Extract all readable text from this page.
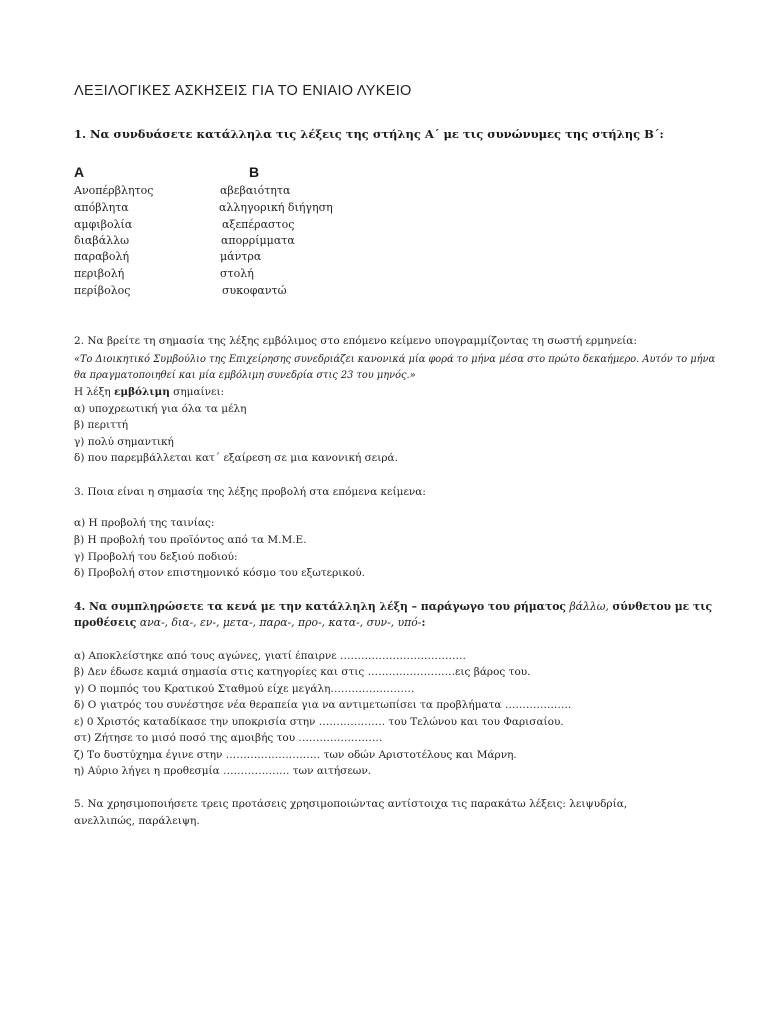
ΛΕΞΙΛΟΓΙΚΕΣ ΑΣΚΗΣΕΙΣ ΓΙΑ ΤΟ ΕΝΙΑΙΟ ΛΥΚΕΙΟ
1. Να συνδυάσετε κατάλληλα τις λέξεις της στήλης Α΄ με τις συνώνυμες της στήλης Β΄:
Α	Β
Ανοπέρβλητος
απόβλητα
αμφιβολία
διαβάλλω
παραβολή
περιβολή
περίβολος
αβεβαιότητα
αλληγορική διήγηση
αξεπέραστος
απορρίμματα
μάντρα
στολή
συκοφαντώ
2. Να βρείτε τη σημασία της λέξης εμβόλιμος στο επόμενο κείμενο υπογραμμίζοντας τη σωστή ερμηνεία:
«Το Διοικητικό Συμβούλιο της Επιχείρησης συνεδριάζει κανονικά μία φορά το μήνα μέσα στο πρώτο δεκαήμερο. Αυτόν το μήνα
θα πραγματοποιηθεί και μία εμβόλιμη συνεδρία στις 23 του μηνός.»
Η λέξη εμβόλιμη σημαίνει:
α) υποχρεωτική για όλα τα μέλη
β) περιττή
γ) πολύ σημαντική
δ) που παρεμβάλλεται κατ΄ εξαίρεση σε μια κανονική σειρά.
3. Ποια είναι η σημασία της λέξης προβολή στα επόμενα κείμενα:
α) Η προβολή της ταινίας:
β) Η προβολή του προϊόντος από τα Μ.Μ.Ε.
γ) Προβολή του δεξιού ποδιού:
δ) Προβολή στον επιστημονικό κόσμο του εξωτερικού.
4. Να συμπληρώσετε τα κενά με την κατάλληλη λέξη – παράγωγο του ρήματος βάλλω, σύνθετου με τις
προθέσεις ανα-, δια-, εν-, μετα-, παρα-, προ-, κατα-, συν-, υπό-:
α) Αποκλείστηκε από τους αγώνες, γιατί έπαιρνε ………………………………
β) Δεν έδωσε καμιά σημασία στις κατηγορίες και στις …………………….εις βάρος του.
γ) Ο πομπός του Κρατικού Σταθμού είχε μεγάλη……………………
δ) Ο γιατρός του συνέστησε νέα θεραπεία για να αντιμετωπίσει τα προβλήματα ……………….
ε) 0 Χριστός καταδίκασε την υποκρισία στην ………………. του Τελώνου και του Φαρισαίου.
στ) Ζήτησε το μισό ποσό της αμοιβής του ……………………
ζ) Το δυστύχημα έγινε στην ……………………… των οδών Αριστοτέλους και Μάρνη.
η) Αύριο λήγει η προθεσμία ………………. των αιτήσεων.
5. Να χρησιμοποιήσετε τρεις προτάσεις χρησιμοποιώντας αντίστοιχα τις παρακάτω λέξεις: λειψυδρία,
ανελλιπώς, παράλειψη.
